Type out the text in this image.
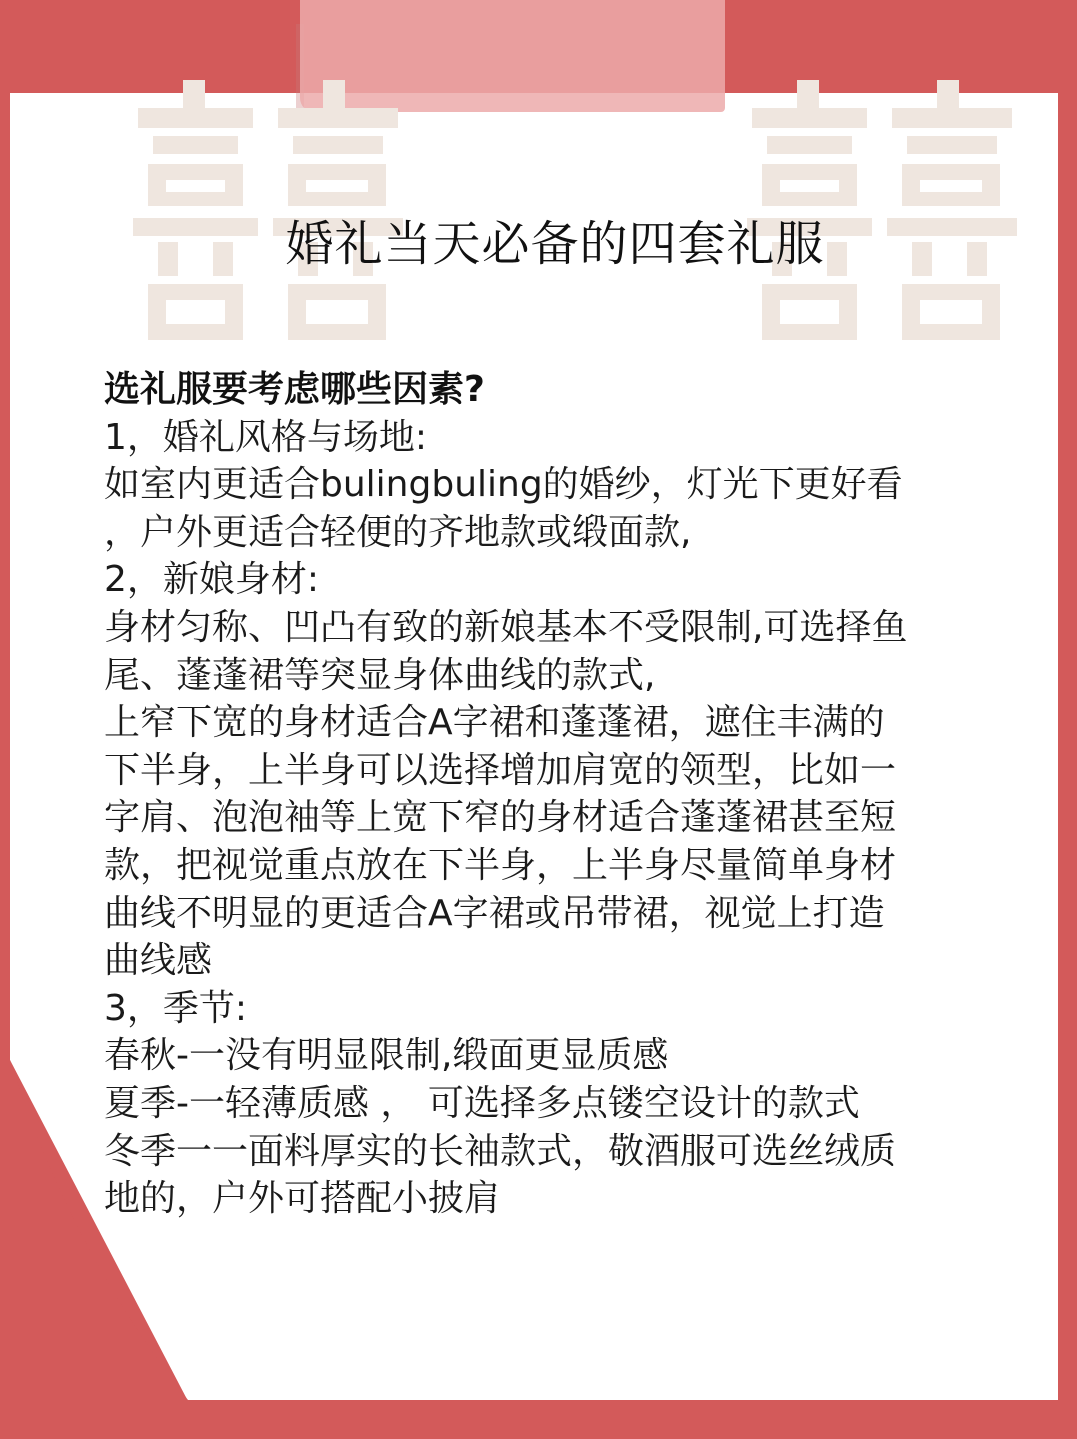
婚礼当天必备的四套礼服
选礼服要考虑哪些因素?
1，婚礼风格与场地:
如室内更适合bulingbuling的婚纱，灯光下更好看
，户外更适合轻便的齐地款或缎面款,
2，新娘身材:
身材匀称、凹凸有致的新娘基本不受限制,可选择鱼
尾、蓬蓬裙等突显身体曲线的款式,
上窄下宽的身材适合A字裙和蓬蓬裙，遮住丰满的
下半身，上半身可以选择增加肩宽的领型，比如一
字肩、泡泡袖等上宽下窄的身材适合蓬蓬裙甚至短
款，把视觉重点放在下半身，上半身尽量简单身材
曲线不明显的更适合A字裙或吊带裙，视觉上打造
曲线感
3，季节:
春秋-一没有明显限制,缎面更显质感
夏季-一轻薄质感 ， 可选择多点镂空设计的款式
冬季一一面料厚实的长袖款式，敬酒服可选丝绒质
地的，户外可搭配小披肩
